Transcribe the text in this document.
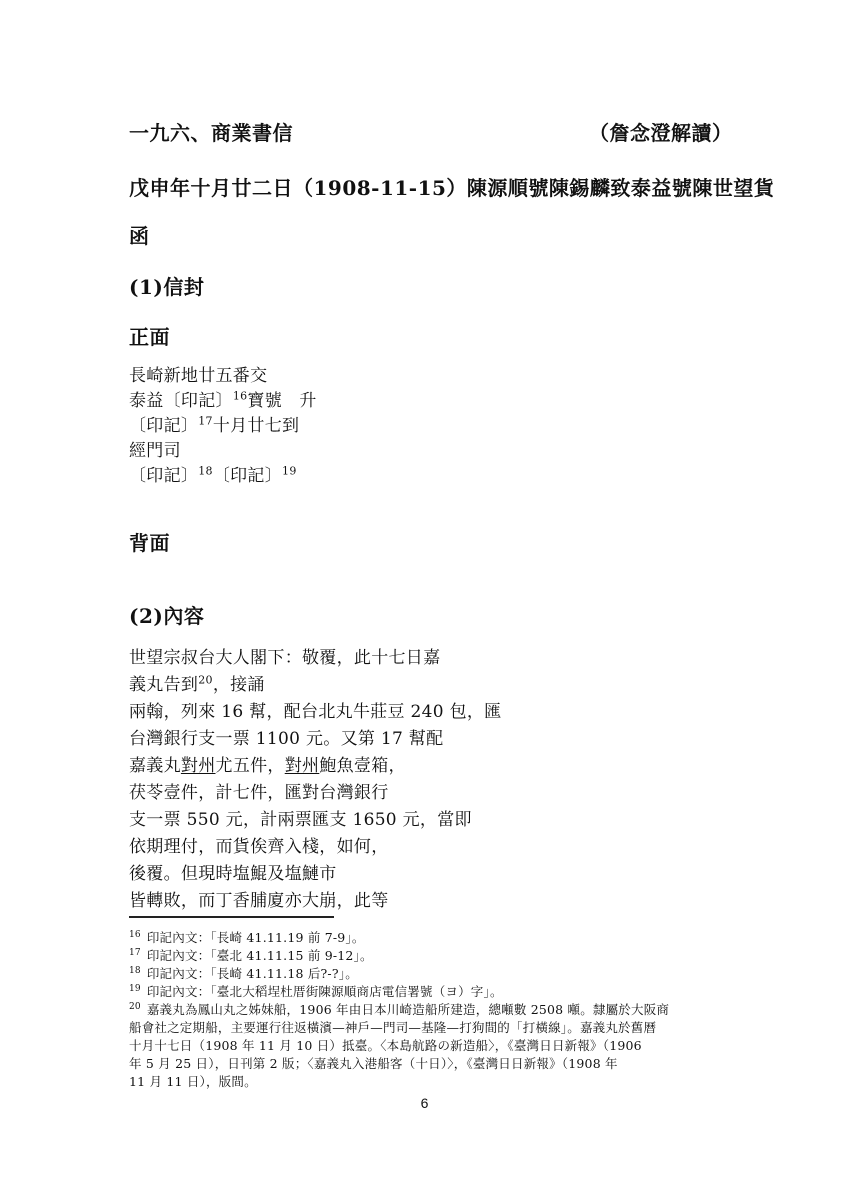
一九六、商業書信	（詹念澄解讀）
戊申年十月廿二日（1908-11-15）陳源順號陳錫麟致泰益號陳世望貨
函
(1)信封
正面
長崎新地廿五番交
泰益〔印記〕$^{16}$寶號　升
〔印記〕$^{17}$十月廿七到
經門司
〔印記〕$^{18}$〔印記〕$^{19}$
背面
(2)內容
世望宗叔台大人閣下：敬覆，此十七日嘉
義丸告到$^{20}$，接誦
兩翰，列來 16 幫，配台北丸牛莊豆 240 包，匯
台灣銀行支一票 1100 元。又第 17 幫配
嘉義丸對州尤五件，對州鮑魚壹箱，
茯苓壹件，計七件，匯對台灣銀行
支一票 550 元，計兩票匯支 1650 元，當即
依期理付，而貨俟齊入棧，如何，
後覆。但現時塩鯤及塩鰱市
皆轉敗，而丁香脯廈亦大崩，此等
$^{16}$ 印記內文：「長崎 41.11.19 前 7-9」。
$^{17}$ 印記內文：「臺北 41.11.15 前 9-12」。
$^{18}$ 印記內文：「長崎 41.11.18 后?-?」。
$^{19}$ 印記內文：「臺北大稻埕杜厝街陳源順商店電信署號（ヨ）字」。
$^{20}$ 嘉義丸為鳳山丸之姊妹船，1906 年由日本川崎造船所建造，總噸數 2508 噸。隸屬於大阪商
船會社之定期船，主要運行往返橫濱—神戶—門司—基隆—打狗間的「打橫線」。嘉義丸於舊曆
十月十七日（1908 年 11 月 10 日）抵臺。〈本島航路の新造船〉，《臺灣日日新報》（1906
年 5 月 25 日），日刊第 2 版；〈嘉義丸入港船客（十日）〉，《臺灣日日新報》（1908 年
11 月 11 日），版間。
6
